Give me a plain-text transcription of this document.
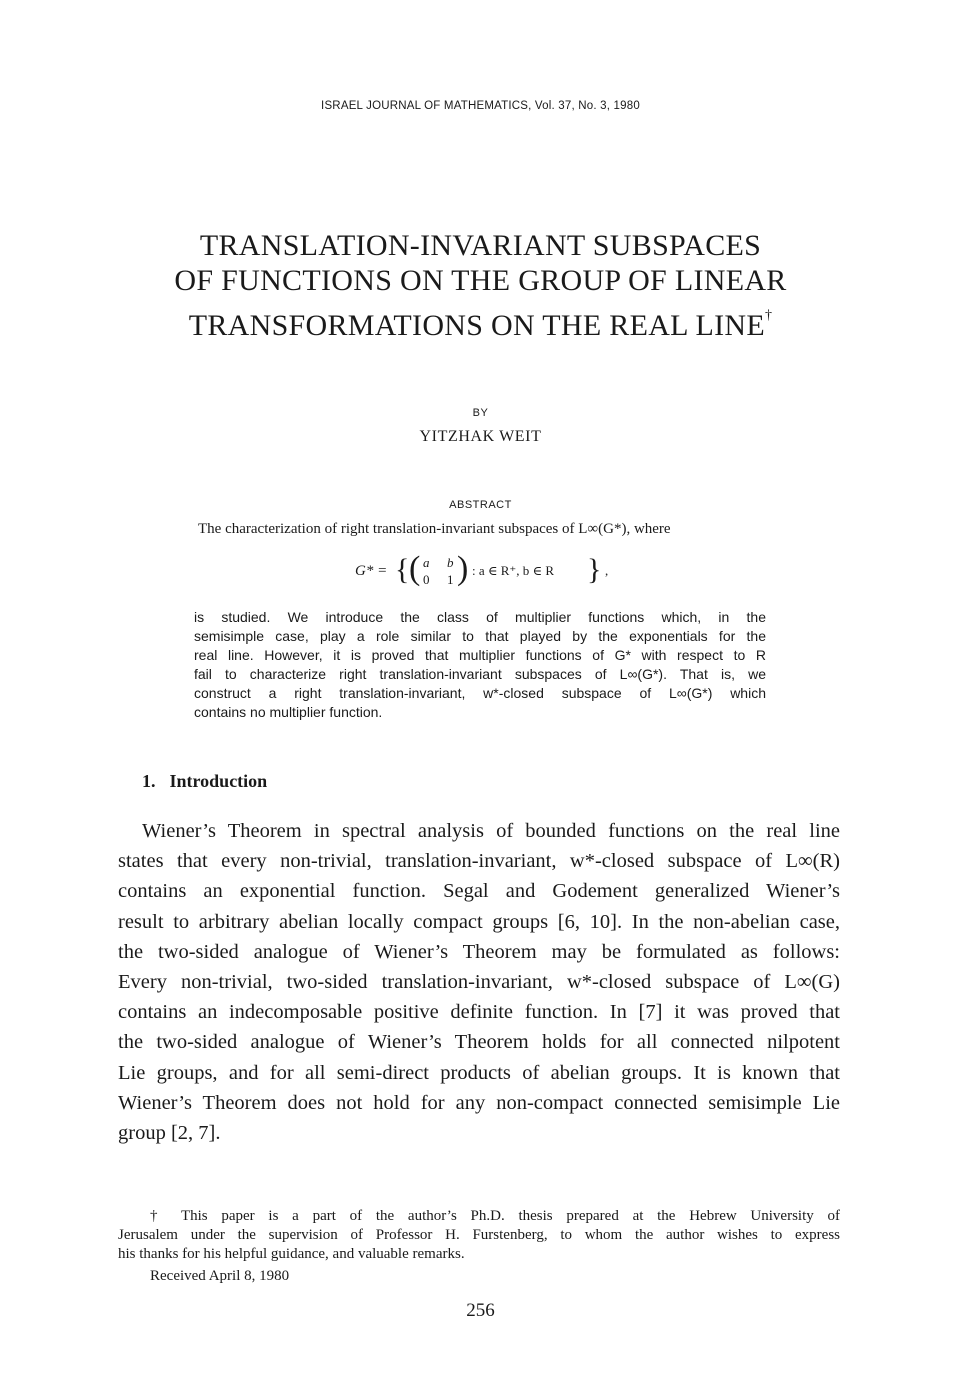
ISRAEL JOURNAL OF MATHEMATICS, Vol. 37, No. 3, 1980
TRANSLATION-INVARIANT SUBSPACES
OF FUNCTIONS ON THE GROUP OF LINEAR
TRANSFORMATIONS ON THE REAL LINE†
BY
YITZHAK WEIT
ABSTRACT
The characterization of right translation-invariant subspaces of L∞(G*), where
G* = { ( a b
0 1 ) : a ∈ R⁺, b ∈ R } ,
is studied. We introduce the class of multiplier functions which, in the
semisimple case, play a role similar to that played by the exponentials for the
real line. However, it is proved that multiplier functions of G* with respect to R
fail to characterize right translation-invariant subspaces of L∞(G*). That is, we
construct a right translation-invariant, w*-closed subspace of L∞(G*) which
contains no multiplier function.
1. Introduction
Wiener’s Theorem in spectral analysis of bounded functions on the real line
states that every non-trivial, translation-invariant, w*-closed subspace of L∞(R)
contains an exponential function. Segal and Godement generalized Wiener’s
result to arbitrary abelian locally compact groups [6, 10]. In the non-abelian case,
the two-sided analogue of Wiener’s Theorem may be formulated as follows:
Every non-trivial, two-sided translation-invariant, w*-closed subspace of L∞(G)
contains an indecomposable positive definite function. In [7] it was proved that
the two-sided analogue of Wiener’s Theorem holds for all connected nilpotent
Lie groups, and for all semi-direct products of abelian groups. It is known that
Wiener’s Theorem does not hold for any non-compact connected semisimple Lie
group [2, 7].
† This paper is a part of the author’s Ph.D. thesis prepared at the Hebrew University of
Jerusalem under the supervision of Professor H. Furstenberg, to whom the author wishes to express
his thanks for his helpful guidance, and valuable remarks.
Received April 8, 1980
256
